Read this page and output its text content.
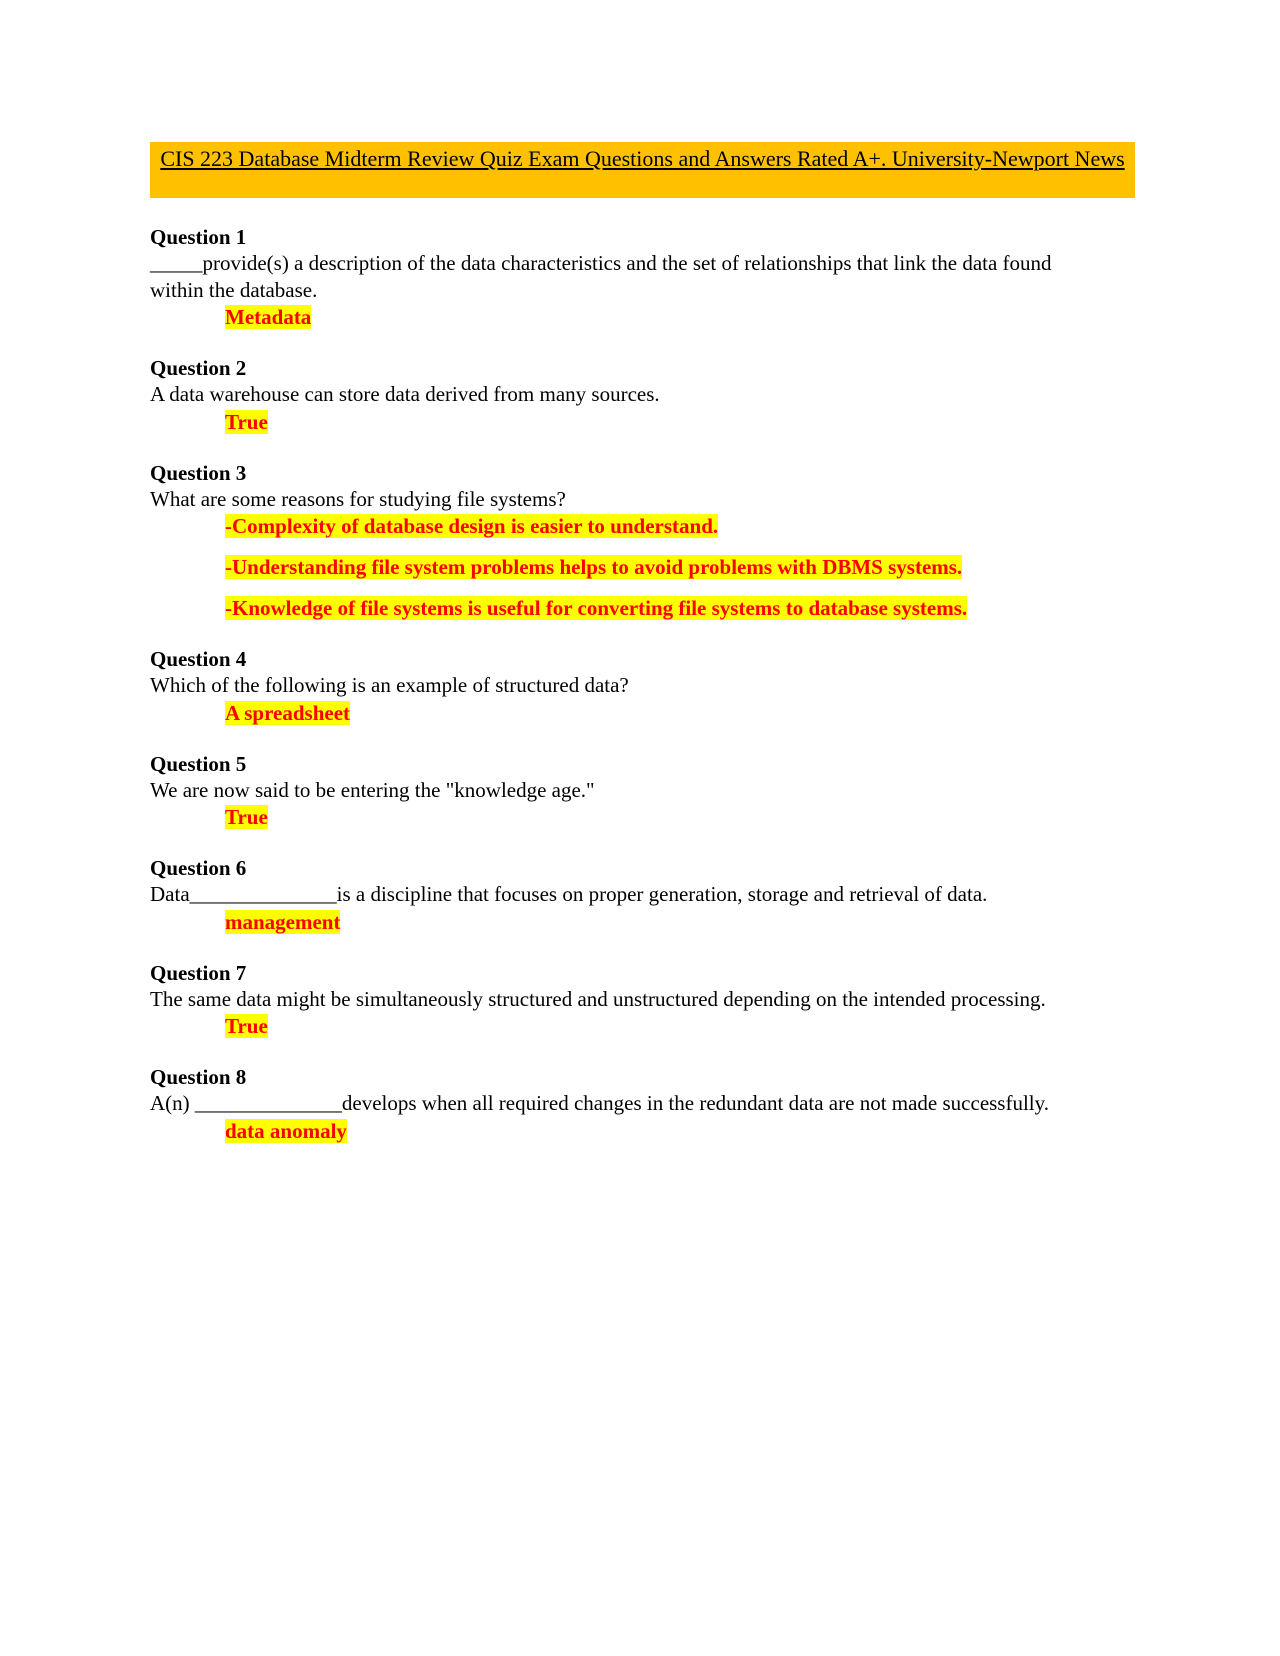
CIS 223 Database Midterm Review Quiz Exam Questions and Answers Rated A+. University-Newport News
Question 1
_____provide(s) a description of the data characteristics and the set of relationships that link the data found within the database.
Metadata
Question 2
A data warehouse can store data derived from many sources.
True
Question 3
What are some reasons for studying file systems?
-Complexity of database design is easier to understand.
-Understanding file system problems helps to avoid problems with DBMS systems.
-Knowledge of file systems is useful for converting file systems to database systems.
Question 4
Which of the following is an example of structured data?
A spreadsheet
Question 5
We are now said to be entering the "knowledge age."
True
Question 6
Data______________is a discipline that focuses on proper generation, storage and retrieval of data.
management
Question 7
The same data might be simultaneously structured and unstructured depending on the intended processing.
True
Question 8
A(n) ______________develops when all required changes in the redundant data are not made successfully.
data anomaly
